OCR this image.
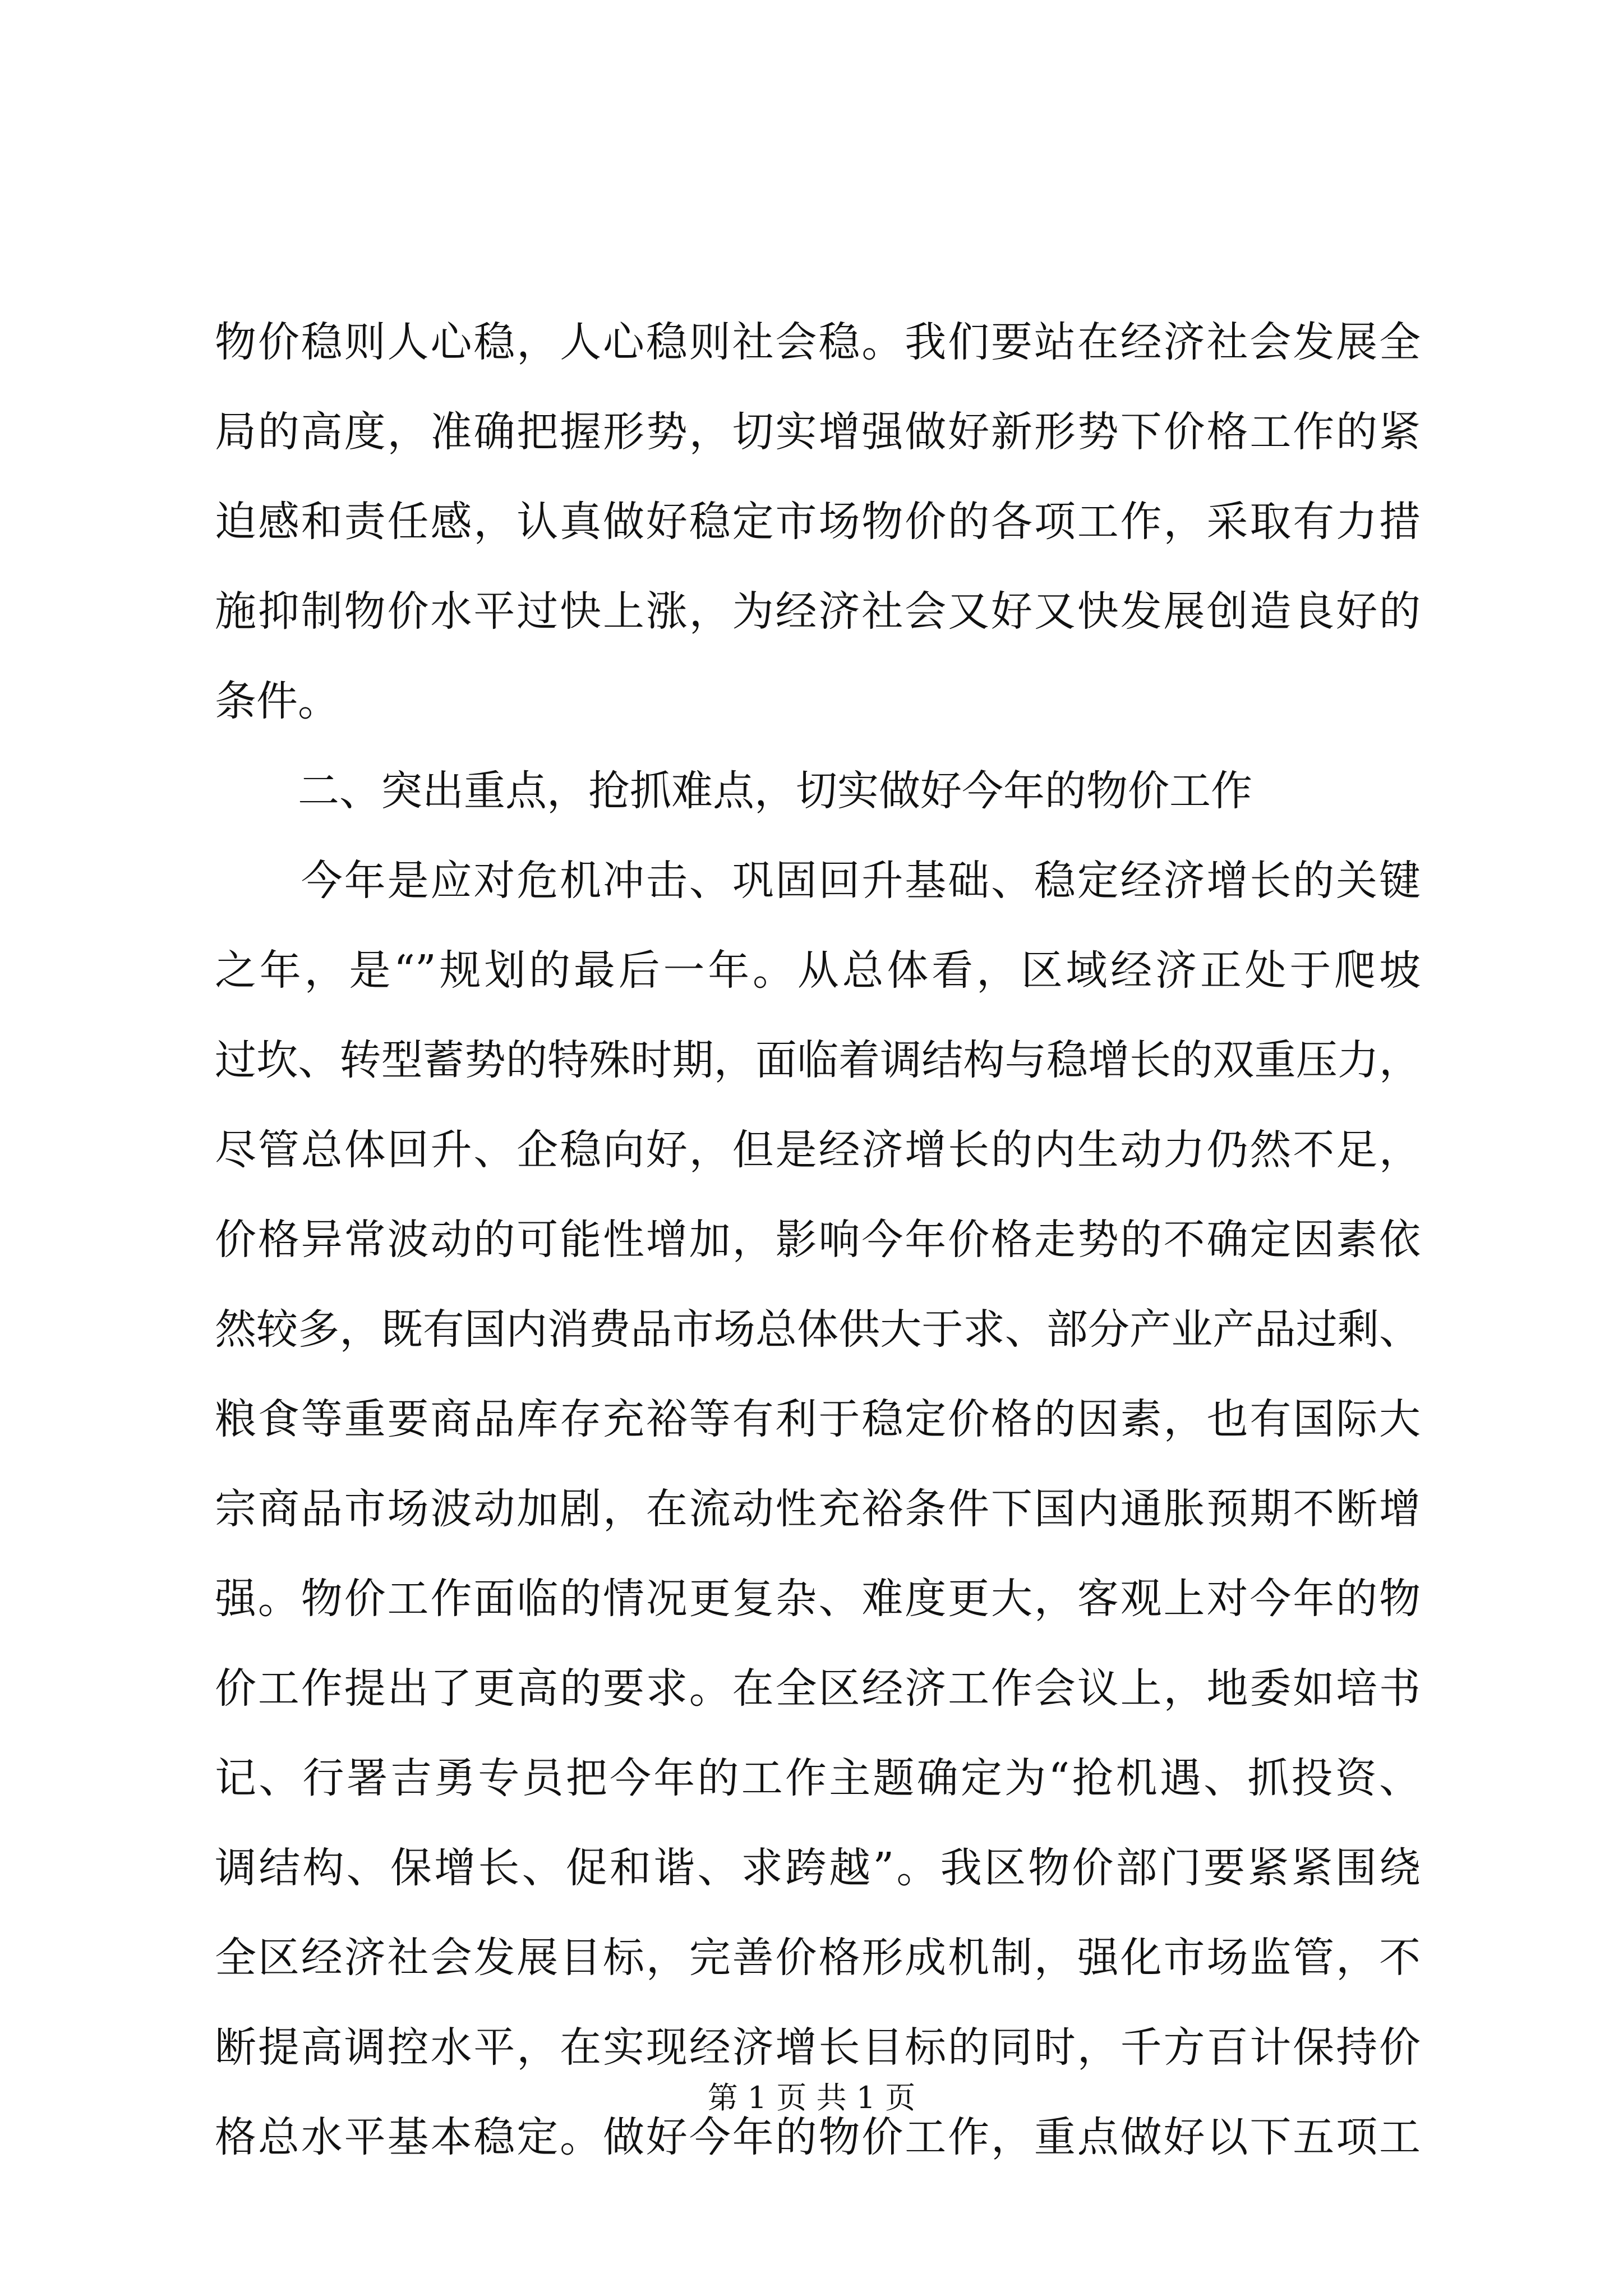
物价稳则人心稳，人心稳则社会稳。我们要站在经济社会发展全
局的高度，准确把握形势，切实增强做好新形势下价格工作的紧
迫感和责任感，认真做好稳定市场物价的各项工作，采取有力措
施抑制物价水平过快上涨，为经济社会又好又快发展创造良好的
条件。
　　二、突出重点，抢抓难点，切实做好今年的物价工作
　　今年是应对危机冲击、巩固回升基础、稳定经济增长的关键
之年，是“”规划的最后一年。从总体看，区域经济正处于爬坡
过坎、转型蓄势的特殊时期，面临着调结构与稳增长的双重压力，
尽管总体回升、企稳向好，但是经济增长的内生动力仍然不足，
价格异常波动的可能性增加，影响今年价格走势的不确定因素依
然较多，既有国内消费品市场总体供大于求、部分产业产品过剩、
粮食等重要商品库存充裕等有利于稳定价格的因素，也有国际大
宗商品市场波动加剧，在流动性充裕条件下国内通胀预期不断增
强。物价工作面临的情况更复杂、难度更大，客观上对今年的物
价工作提出了更高的要求。在全区经济工作会议上，地委如培书
记、行署吉勇专员把今年的工作主题确定为“抢机遇、抓投资、
调结构、保增长、促和谐、求跨越”。我区物价部门要紧紧围绕
全区经济社会发展目标，完善价格形成机制，强化市场监管，不
断提高调控水平，在实现经济增长目标的同时，千方百计保持价
格总水平基本稳定。做好今年的物价工作，重点做好以下五项工
第 1 页 共 1 页
